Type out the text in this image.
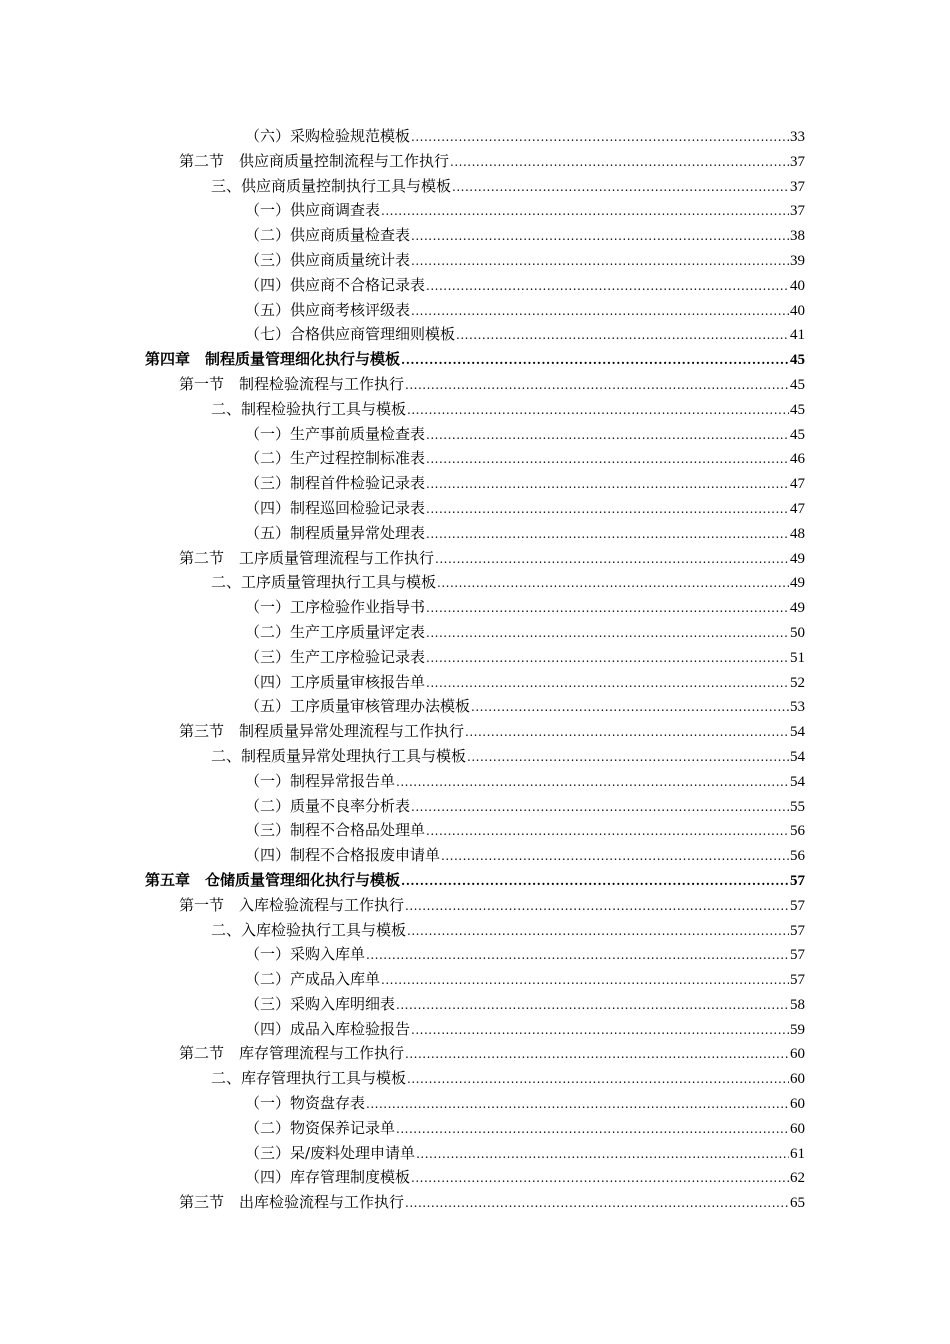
（六）采购检验规范模板 .....	33
第二节　供应商质量控制流程与工作执行 .....	37
三、供应商质量控制执行工具与模板 .....	37
（一）供应商调查表 .....	37
（二）供应商质量检查表 .....	38
（三）供应商质量统计表 .....	39
（四）供应商不合格记录表 .....	40
（五）供应商考核评级表 .....	40
（七）合格供应商管理细则模板 .....	41
第四章　制程质量管理细化执行与模板 .....	45
第一节　制程检验流程与工作执行 .....	45
二、制程检验执行工具与模板 .....	45
（一）生产事前质量检查表 .....	45
（二）生产过程控制标准表 .....	46
（三）制程首件检验记录表 .....	47
（四）制程巡回检验记录表 .....	47
（五）制程质量异常处理表 .....	48
第二节　工序质量管理流程与工作执行 .....	49
二、工序质量管理执行工具与模板 .....	49
（一）工序检验作业指导书 .....	49
（二）生产工序质量评定表 .....	50
（三）生产工序检验记录表 .....	51
（四）工序质量审核报告单 .....	52
（五）工序质量审核管理办法模板 .....	53
第三节　制程质量异常处理流程与工作执行 .....	54
二、制程质量异常处理执行工具与模板 .....	54
（一）制程异常报告单 .....	54
（二）质量不良率分析表 .....	55
（三）制程不合格品处理单 .....	56
（四）制程不合格报废申请单 .....	56
第五章　仓储质量管理细化执行与模板 .....	57
第一节　入库检验流程与工作执行 .....	57
二、入库检验执行工具与模板 .....	57
（一）采购入库单 .....	57
（二）产成品入库单 .....	57
（三）采购入库明细表 .....	58
（四）成品入库检验报告 .....	59
第二节　库存管理流程与工作执行 .....	60
二、库存管理执行工具与模板 .....	60
（一）物资盘存表 .....	60
（二）物资保养记录单 .....	60
（三）呆/废料处理申请单 .....	61
（四）库存管理制度模板 .....	62
第三节　出库检验流程与工作执行 .....	65
